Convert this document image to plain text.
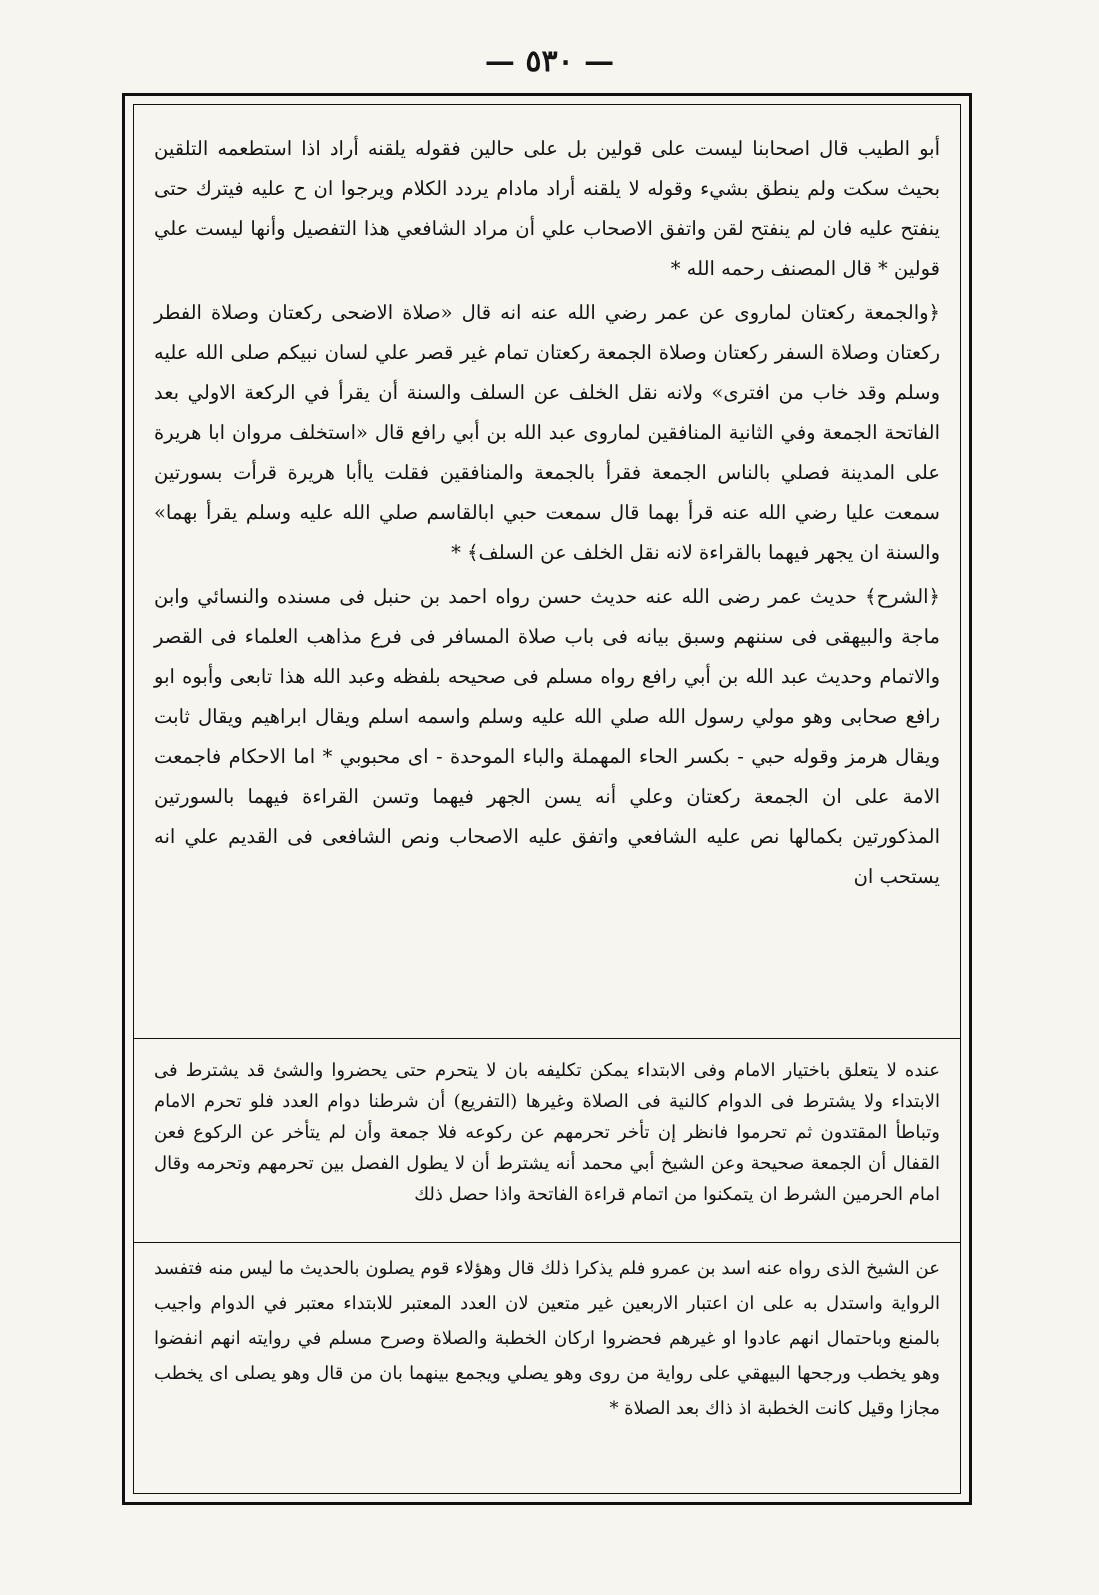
— ٥٣٠ —

أبو الطيب قال اصحابنا ليست على قولين بل على حالين فقوله يلقنه أراد اذا استطعمه التلقين بحيث سكت ولم ينطق بشيء وقوله لا يلقنه أراد مادام يردد الكلام ويرجوا ان ح عليه فيترك حتى ينفتح عليه فان لم ينفتح لقن واتفق الاصحاب علي أن مراد الشافعي هذا التفصيل وأنها ليست علي قولين * قال المصنف رحمه الله *

﴿والجمعة ركعتان لماروى عن عمر رضي الله عنه انه قال «صلاة الاضحى ركعتان وصلاة الفطر ركعتان وصلاة السفر ركعتان وصلاة الجمعة ركعتان تمام غير قصر علي لسان نبيكم صلى الله عليه وسلم وقد خاب من افترى» ولانه نقل الخلف عن السلف والسنة أن يقرأ في الركعة الاولي بعد الفاتحة الجمعة وفي الثانية المنافقين لماروى عبد الله بن أبي رافع قال «استخلف مروان ابا هريرة على المدينة فصلي بالناس الجمعة فقرأ بالجمعة والمنافقين فقلت ياأبا هريرة قرأت بسورتين سمعت عليا رضي الله عنه قرأ بهما قال سمعت حبي ابالقاسم صلي الله عليه وسلم يقرأ بهما» والسنة ان يجهر فيهما بالقراءة لانه نقل الخلف عن السلف﴾ *

﴿الشرح﴾ حديث عمر رضى الله عنه حديث حسن رواه احمد بن حنبل فى مسنده والنسائي وابن ماجة والبيهقى فى سننهم وسبق بيانه فى باب صلاة المسافر فى فرع مذاهب العلماء فى القصر والاتمام وحديث عبد الله بن أبي رافع رواه مسلم فى صحيحه بلفظه وعبد الله هذا تابعى وأبوه ابو رافع صحابى وهو مولي رسول الله صلي الله عليه وسلم واسمه اسلم ويقال ابراهيم ويقال ثابت ويقال هرمز وقوله حبي - بكسر الحاء المهملة والباء الموحدة - اى محبوبي * اما الاحكام فاجمعت الامة على ان الجمعة ركعتان وعلي أنه يسن الجهر فيهما وتسن القراءة فيهما بالسورتين المذكورتين بكمالها نص عليه الشافعي واتفق عليه الاصحاب ونص الشافعى فى القديم علي انه يستحب ان

عنده لا يتعلق باختيار الامام وفى الابتداء يمكن تكليفه بان لا يتحرم حتى يحضروا والشئ قد يشترط فى الابتداء ولا يشترط فى الدوام كالنية فى الصلاة وغيرها (التفريع) أن شرطنا دوام العدد فلو تحرم الامام وتباطأ المقتدون ثم تحرموا فانظر إن تأخر تحرمهم عن ركوعه فلا جمعة وأن لم يتأخر عن الركوع فعن القفال أن الجمعة صحيحة وعن الشيخ أبي محمد أنه يشترط أن لا يطول الفصل بين تحرمهم وتحرمه وقال امام الحرمين الشرط ان يتمكنوا من اتمام قراءة الفاتحة واذا حصل ذلك

عن الشيخ الذى رواه عنه اسد بن عمرو فلم يذكرا ذلك قال وهؤلاء قوم يصلون بالحديث ما ليس منه فتفسد الرواية واستدل به على ان اعتبار الاربعين غير متعين لان العدد المعتبر للابتداء معتبر في الدوام واجيب بالمنع وباحتمال انهم عادوا او غيرهم فحضروا اركان الخطبة والصلاة وصرح مسلم في روايته انهم انفضوا وهو يخطب ورجحها البيهقي على رواية من روى وهو يصلي ويجمع بينهما بان من قال وهو يصلى اى يخطب مجازا وقيل كانت الخطبة اذ ذاك بعد الصلاة *
